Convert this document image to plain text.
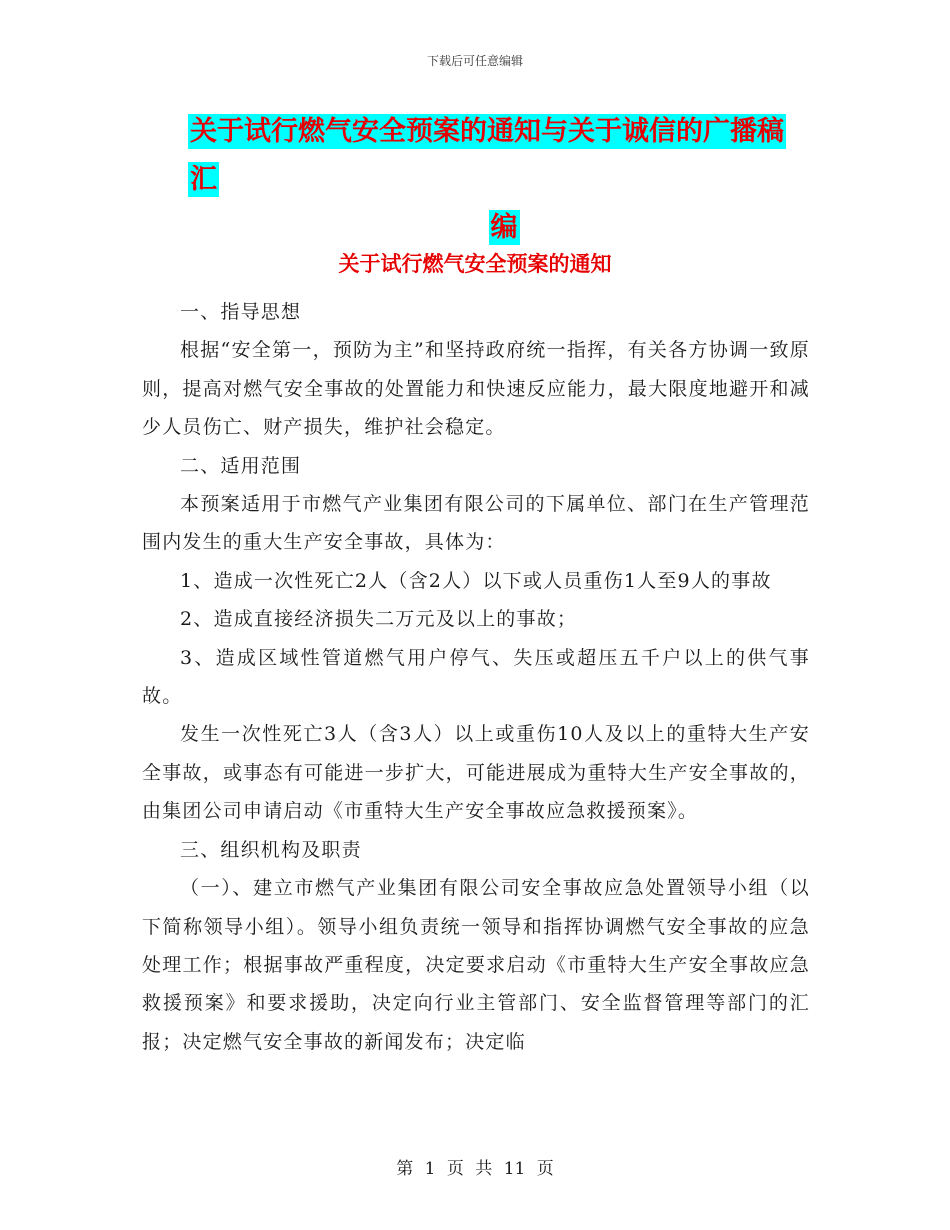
下载后可任意编辑
关于试行燃气安全预案的通知与关于诚信的广播稿汇
编
关于试行燃气安全预案的通知

一、指导思想

根据“安全第一，预防为主”和坚持政府统一指挥，有关各方协调一致原则，提高对燃气安全事故的处置能力和快速反应能力，最大限度地避开和减少人员伤亡、财产损失，维护社会稳定。

二、适用范围

本预案适用于市燃气产业集团有限公司的下属单位、部门在生产管理范围内发生的重大生产安全事故，具体为：

1、造成一次性死亡2人（含2人）以下或人员重伤1人至9人的事故

2、造成直接经济损失二万元及以上的事故；

3、造成区域性管道燃气用户停气、失压或超压五千户以上的供气事故。

发生一次性死亡3人（含3人）以上或重伤10人及以上的重特大生产安全事故，或事态有可能进一步扩大，可能进展成为重特大生产安全事故的，由集团公司申请启动《市重特大生产安全事故应急救援预案》。

三、组织机构及职责

（一）、建立市燃气产业集团有限公司安全事故应急处置领导小组（以下简称领导小组）。领导小组负责统一领导和指挥协调燃气安全事故的应急处理工作；根据事故严重程度，决定要求启动《市重特大生产安全事故应急救援预案》和要求援助，决定向行业主管部门、安全监督管理等部门的汇报；决定燃气安全事故的新闻发布；决定临

第 1 页 共 11 页
